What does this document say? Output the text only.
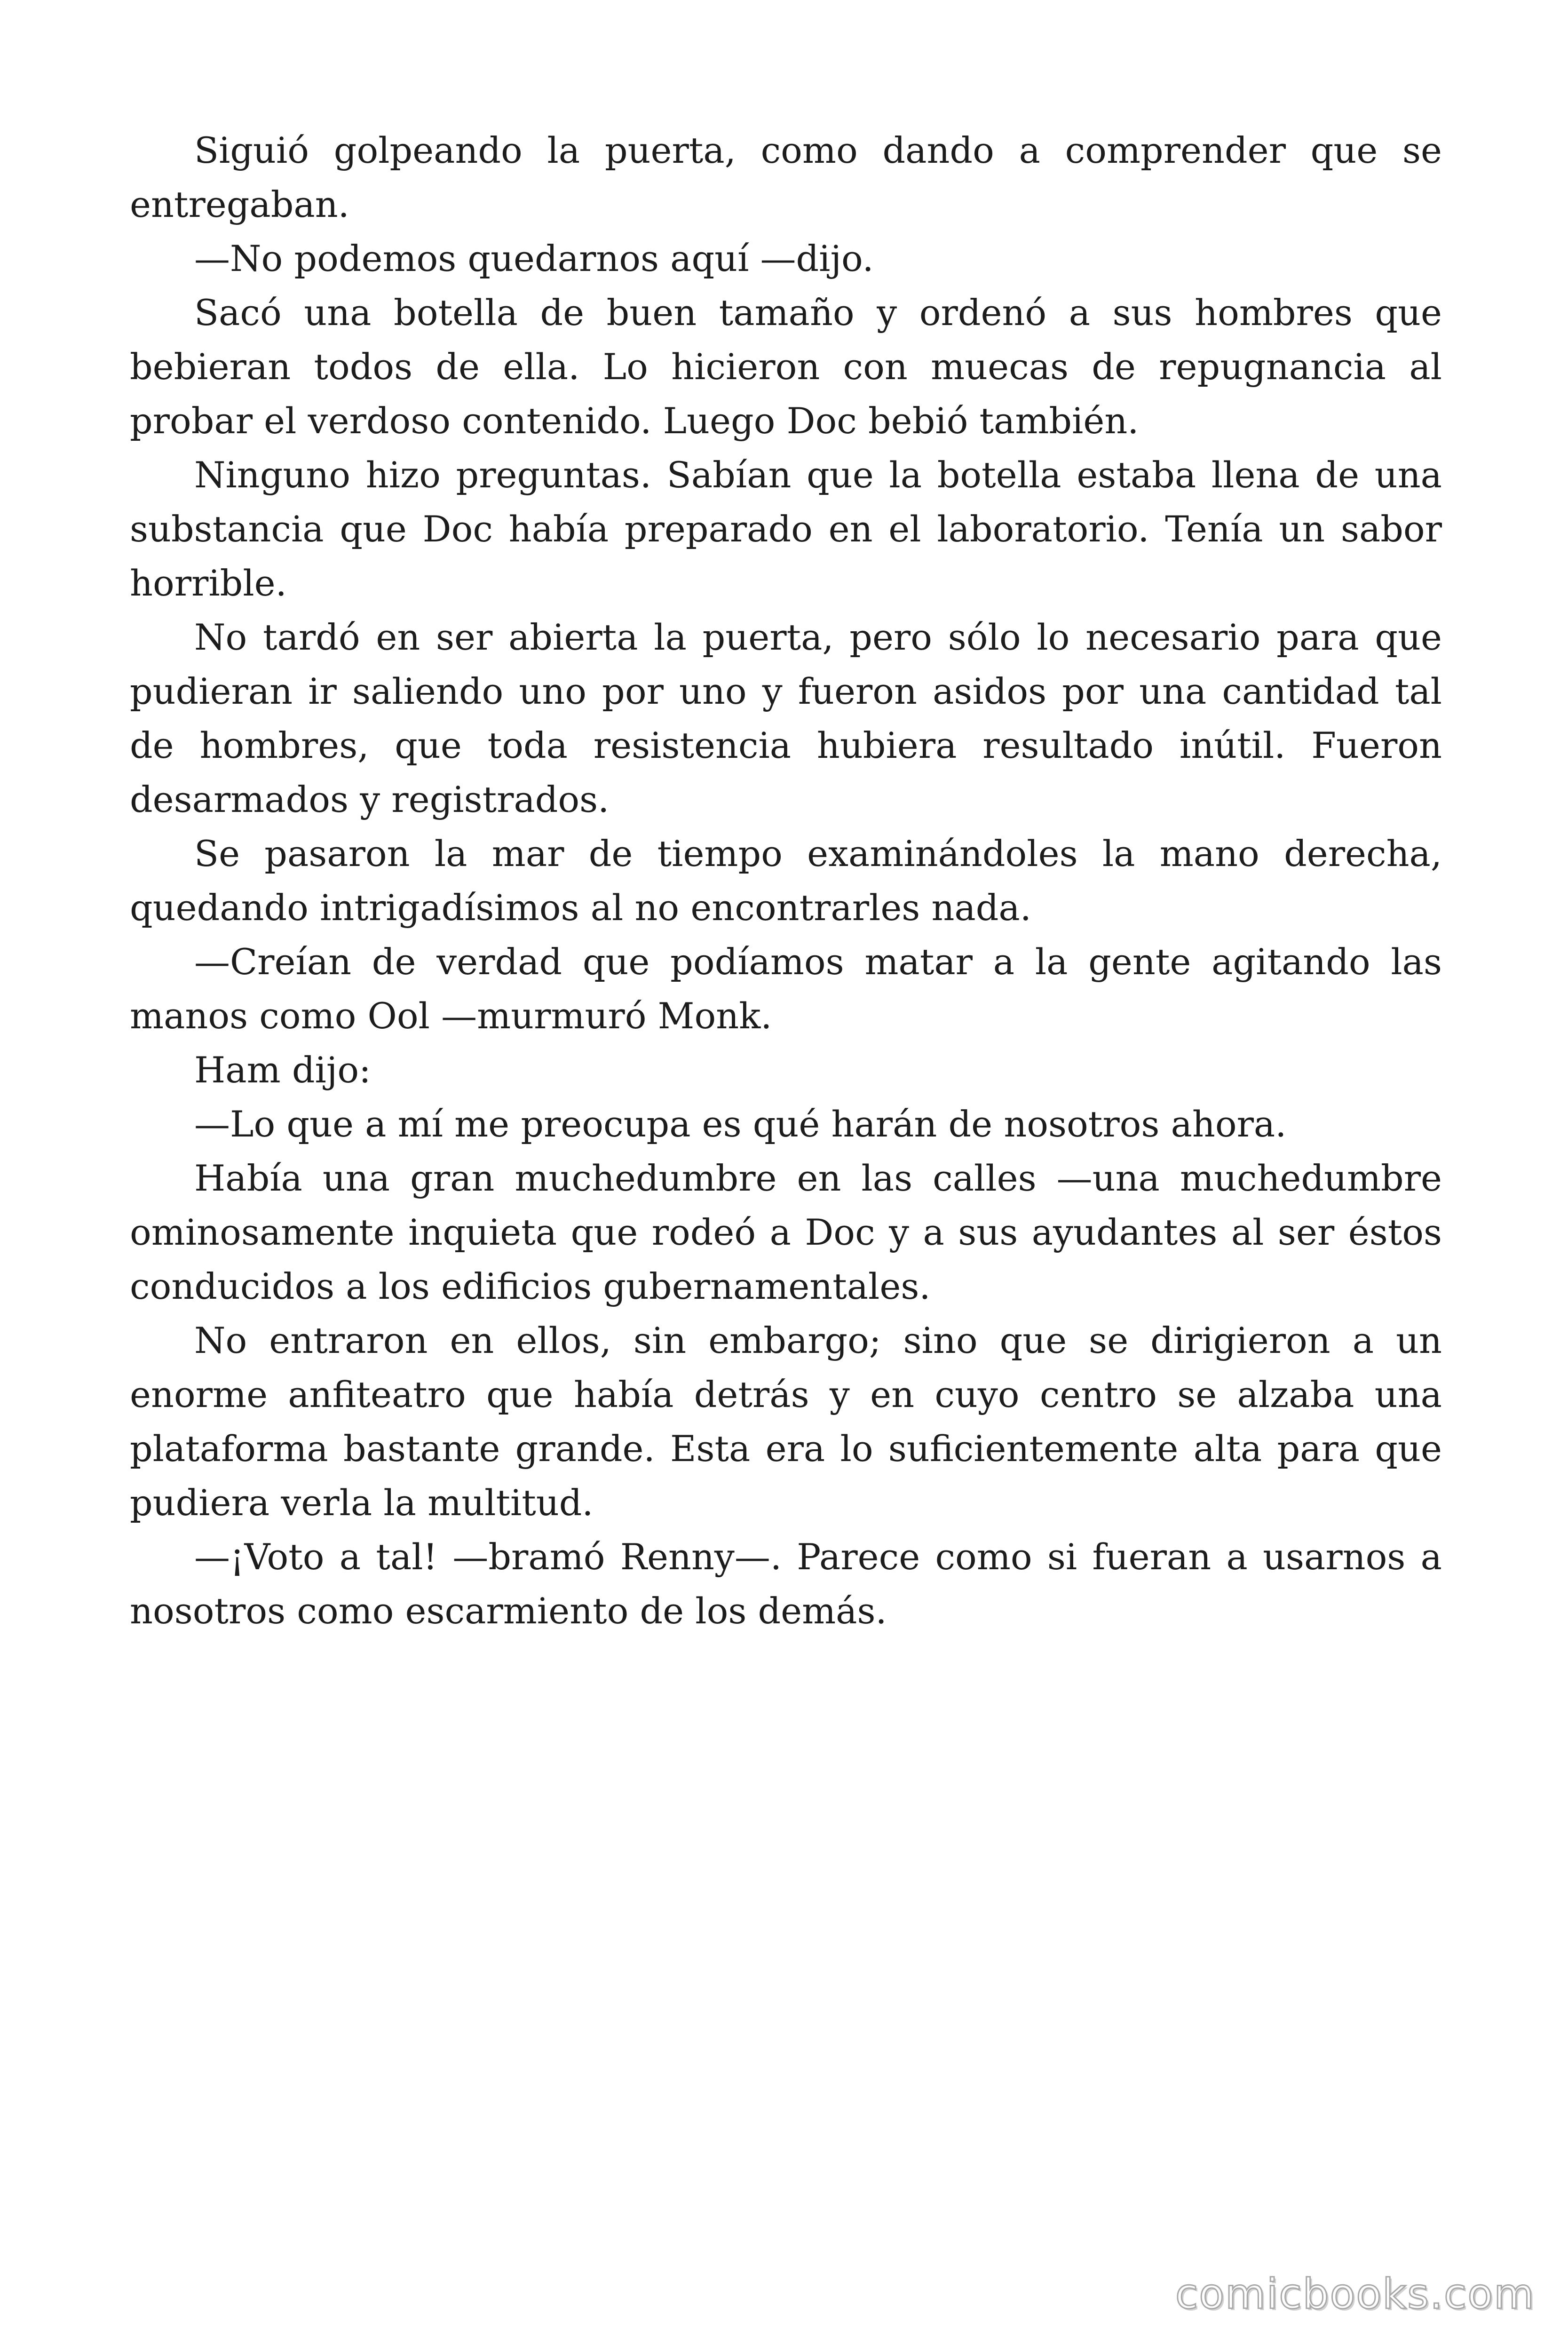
Siguió golpeando la puerta, como dando a comprender que se entregaban.

—No podemos quedarnos aquí —dijo.

Sacó una botella de buen tamaño y ordenó a sus hombres que bebieran todos de ella. Lo hicieron con muecas de repugnancia al probar el verdoso contenido. Luego Doc bebió también.

Ninguno hizo preguntas. Sabían que la botella estaba llena de una substancia que Doc había preparado en el laboratorio. Tenía un sabor horrible.

No tardó en ser abierta la puerta, pero sólo lo necesario para que pudieran ir saliendo uno por uno y fueron asidos por una cantidad tal de hombres, que toda resistencia hubiera resultado inútil. Fueron desarmados y registrados.

Se pasaron la mar de tiempo examinándoles la mano derecha, quedando intrigadísimos al no encontrarles nada.

—Creían de verdad que podíamos matar a la gente agitando las manos como Ool —murmuró Monk.

Ham dijo:

—Lo que a mí me preocupa es qué harán de nosotros ahora.

Había una gran muchedumbre en las calles —una muchedumbre ominosamente inquieta que rodeó a Doc y a sus ayudantes al ser éstos conducidos a los edificios gubernamentales.

No entraron en ellos, sin embargo; sino que se dirigieron a un enorme anfiteatro que había detrás y en cuyo centro se alzaba una plataforma bastante grande. Esta era lo suficientemente alta para que pudiera verla la multitud.

—¡Voto a tal! —bramó Renny—. Parece como si fueran a usarnos a nosotros como escarmiento de los demás.

comicbooks.com
